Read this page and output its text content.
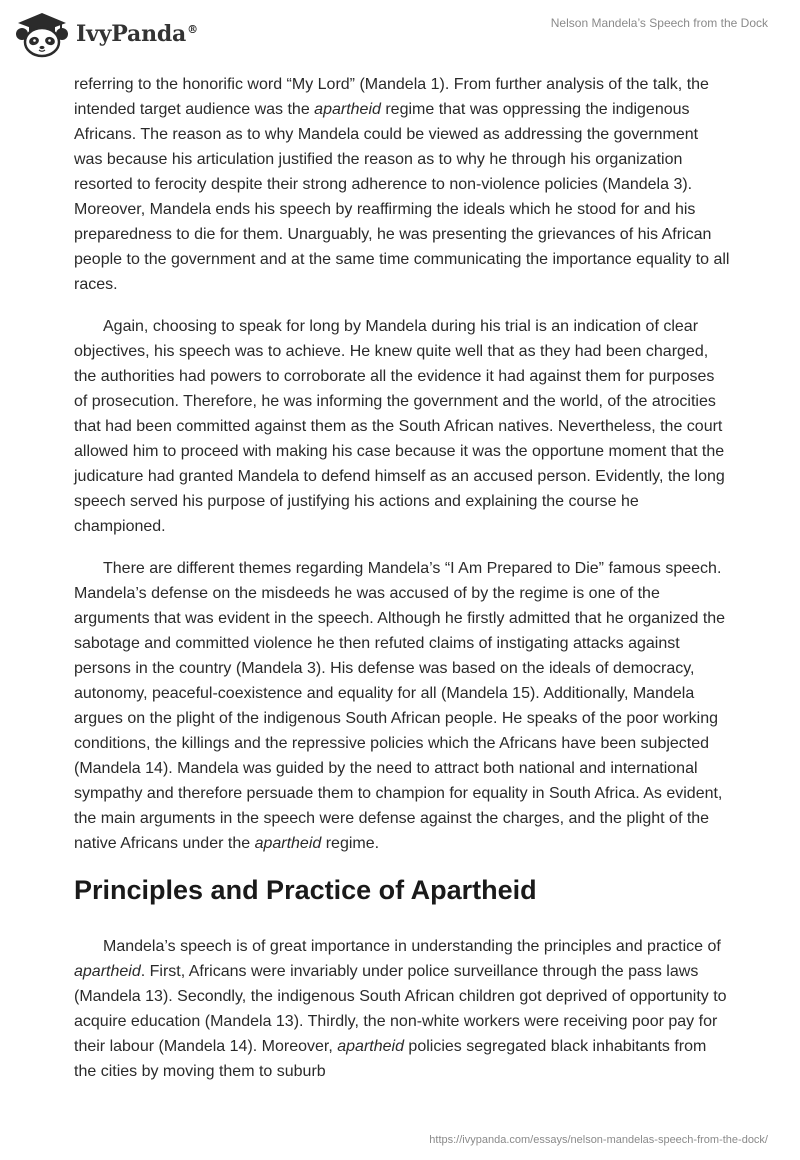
IvyPanda®	Nelson Mandela’s Speech from the Dock

referring to the honorific word “My Lord” (Mandela 1). From further analysis of the talk, the intended target audience was the apartheid regime that was oppressing the indigenous Africans. The reason as to why Mandela could be viewed as addressing the government was because his articulation justified the reason as to why he through his organization resorted to ferocity despite their strong adherence to non-violence policies (Mandela 3). Moreover, Mandela ends his speech by reaffirming the ideals which he stood for and his preparedness to die for them. Unarguably, he was presenting the grievances of his African people to the government and at the same time communicating the importance equality to all races.

Again, choosing to speak for long by Mandela during his trial is an indication of clear objectives, his speech was to achieve. He knew quite well that as they had been charged, the authorities had powers to corroborate all the evidence it had against them for purposes of prosecution. Therefore, he was informing the government and the world, of the atrocities that had been committed against them as the South African natives. Nevertheless, the court allowed him to proceed with making his case because it was the opportune moment that the judicature had granted Mandela to defend himself as an accused person. Evidently, the long speech served his purpose of justifying his actions and explaining the course he championed.

There are different themes regarding Mandela’s “I Am Prepared to Die” famous speech. Mandela’s defense on the misdeeds he was accused of by the regime is one of the arguments that was evident in the speech. Although he firstly admitted that he organized the sabotage and committed violence he then refuted claims of instigating attacks against persons in the country (Mandela 3). His defense was based on the ideals of democracy, autonomy, peaceful-coexistence and equality for all (Mandela 15). Additionally, Mandela argues on the plight of the indigenous South African people. He speaks of the poor working conditions, the killings and the repressive policies which the Africans have been subjected (Mandela 14). Mandela was guided by the need to attract both national and international sympathy and therefore persuade them to champion for equality in South Africa. As evident, the main arguments in the speech were defense against the charges, and the plight of the native Africans under the apartheid regime.

Principles and Practice of Apartheid

Mandela’s speech is of great importance in understanding the principles and practice of apartheid. First, Africans were invariably under police surveillance through the pass laws (Mandela 13). Secondly, the indigenous South African children got deprived of opportunity to acquire education (Mandela 13). Thirdly, the non-white workers were receiving poor pay for their labour (Mandela 14). Moreover, apartheid policies segregated black inhabitants from the cities by moving them to suburb

https://ivypanda.com/essays/nelson-mandelas-speech-from-the-dock/
